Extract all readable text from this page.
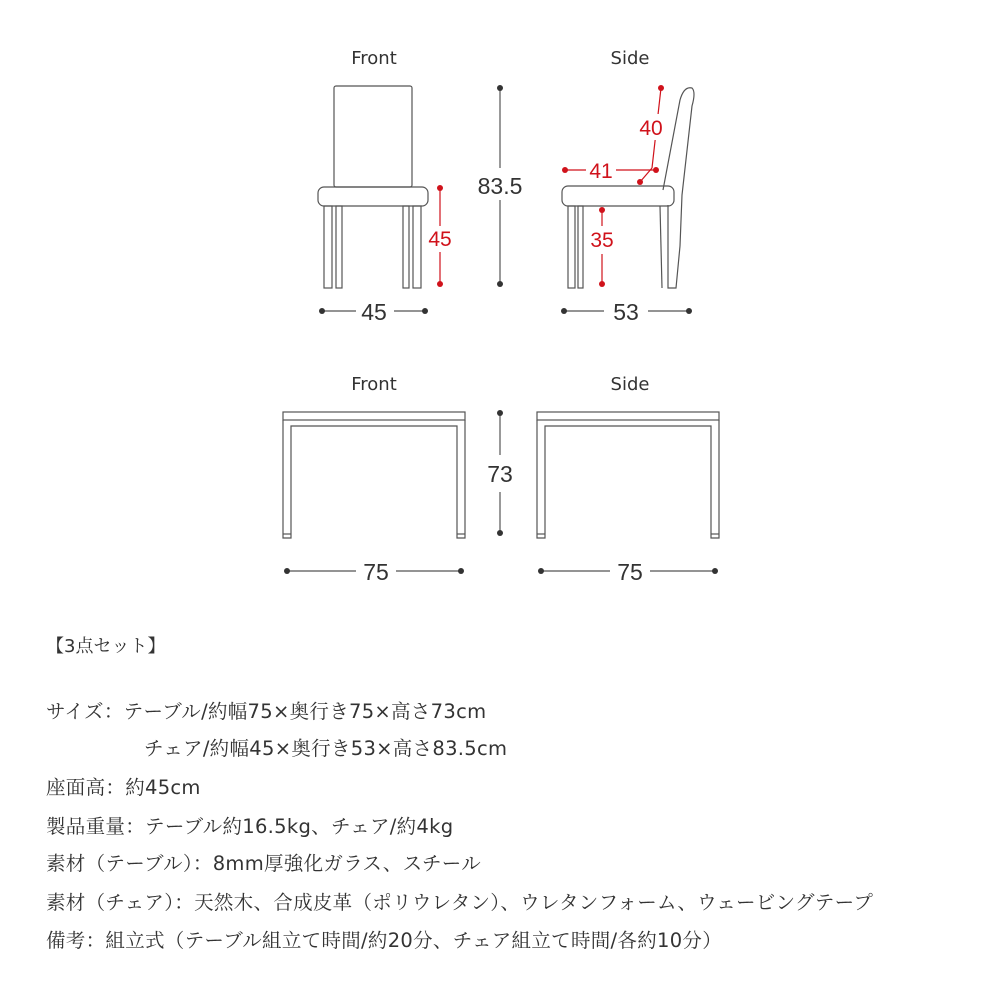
Front
45
45
83.5
Side
40
41
35
53
Front
75
73
Side
75
【3点セット】
サイズ：テーブル/約幅75×奥行き75×高さ73cm
チェア/約幅45×奥行き53×高さ83.5cm
座面高：約45cm
製品重量：テーブル約16.5kg、チェア/約4kg
素材（テーブル）：8mm厚強化ガラス、スチール
素材（チェア）：天然木、合成皮革（ポリウレタン）、ウレタンフォーム、ウェービングテープ
備考：組立式（テーブル組立て時間/約20分、チェア組立て時間/各約10分）
